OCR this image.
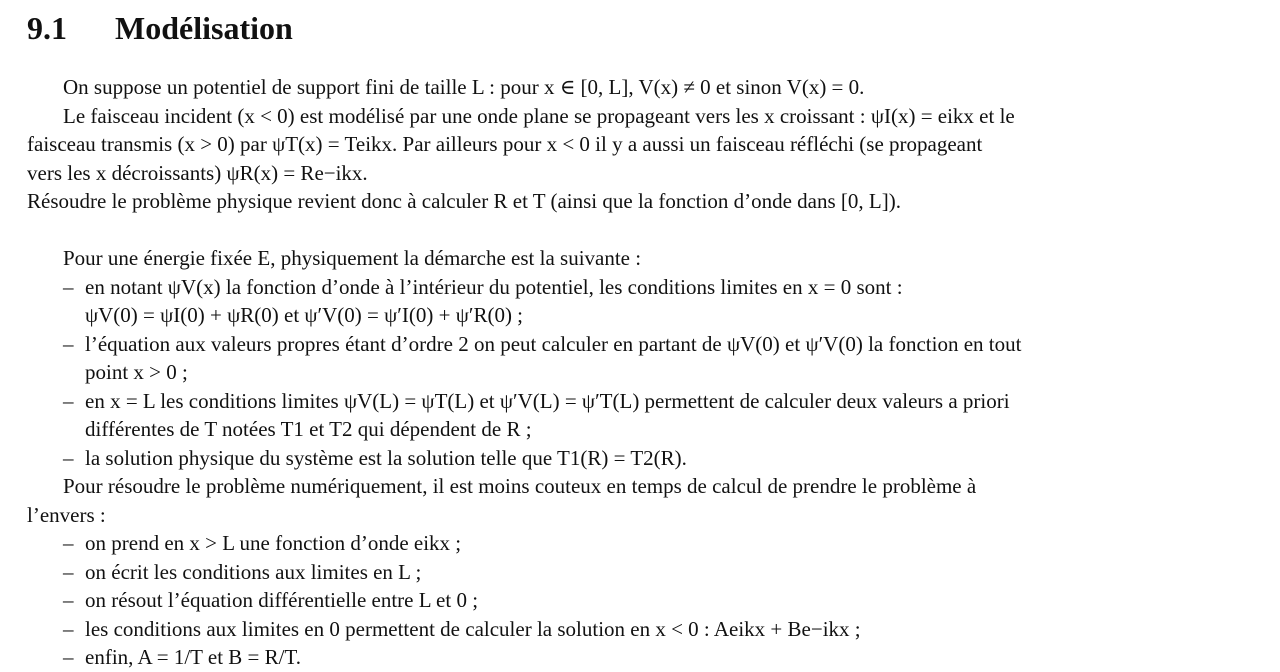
9.1 Modélisation

On suppose un potentiel de support fini de taille L : pour x ∈ [0, L], V(x) ≠ 0 et sinon V(x) = 0.

Le faisceau incident (x < 0) est modélisé par une onde plane se propageant vers les x croissant : ψI(x) = eikx et le
faisceau transmis (x > 0) par ψT(x) = Teikx. Par ailleurs pour x < 0 il y a aussi un faisceau réfléchi (se propageant
vers les x décroissants) ψR(x) = Re−ikx.

Résoudre le problème physique revient donc à calculer R et T (ainsi que la fonction d’onde dans [0, L]).

Pour une énergie fixée E, physiquement la démarche est la suivante :

– en notant ψV(x) la fonction d’onde à l’intérieur du potentiel, les conditions limites en x = 0 sont :
ψV(0) = ψI(0) + ψR(0) et ψ′V(0) = ψ′I(0) + ψ′R(0) ;
– l’équation aux valeurs propres étant d’ordre 2 on peut calculer en partant de ψV(0) et ψ′V(0) la fonction en tout
point x > 0 ;
– en x = L les conditions limites ψV(L) = ψT(L) et ψ′V(L) = ψ′T(L) permettent de calculer deux valeurs a priori
différentes de T notées T1 et T2 qui dépendent de R ;
– la solution physique du système est la solution telle que T1(R) = T2(R).

Pour résoudre le problème numériquement, il est moins couteux en temps de calcul de prendre le problème à
l’envers :

– on prend en x > L une fonction d’onde eikx ;
– on écrit les conditions aux limites en L ;
– on résout l’équation différentielle entre L et 0 ;
– les conditions aux limites en 0 permettent de calculer la solution en x < 0 : Aeikx + Be−ikx ;
– enfin, A = 1/T et B = R/T.
